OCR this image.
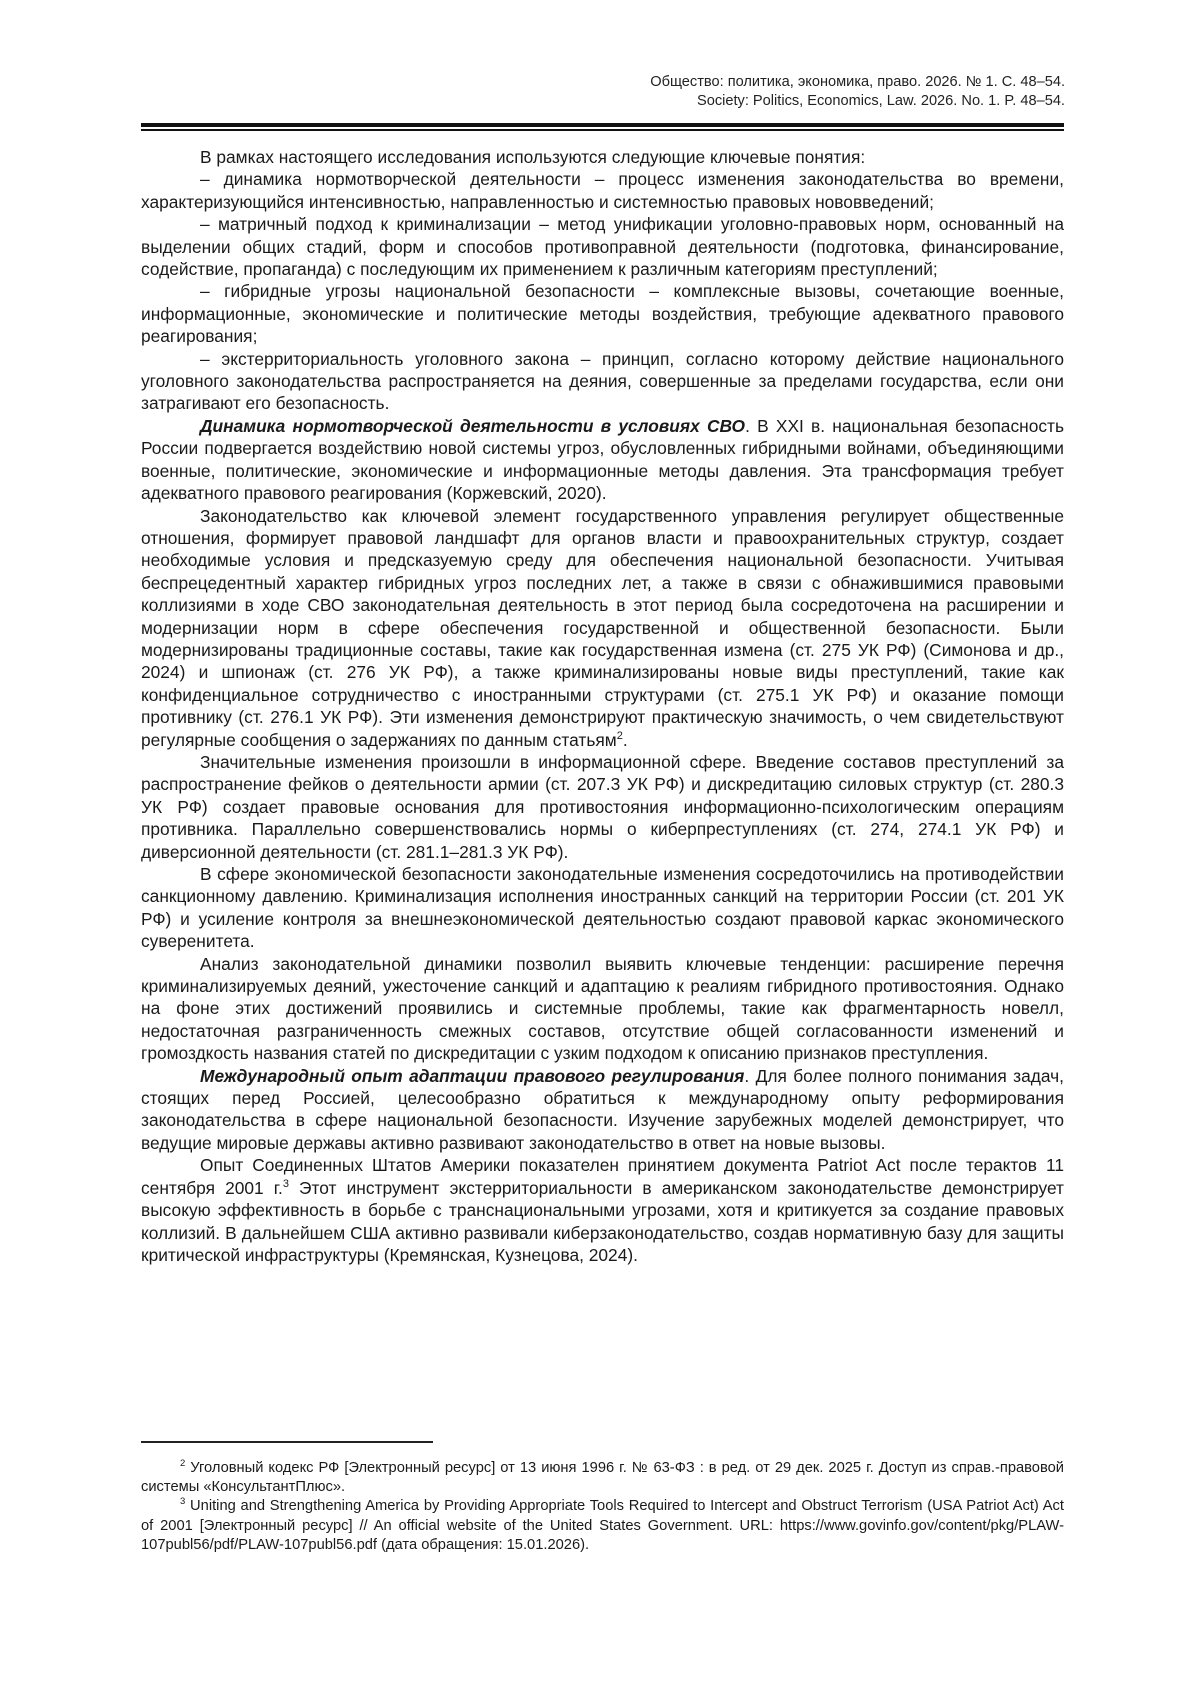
Общество: политика, экономика, право. 2026. № 1. С. 48–54.
Society: Politics, Economics, Law. 2026. No. 1. P. 48–54.

В рамках настоящего исследования используются следующие ключевые понятия:

– динамика нормотворческой деятельности – процесс изменения законодательства во времени, характеризующийся интенсивностью, направленностью и системностью правовых нововведений;

– матричный подход к криминализации – метод унификации уголовно-правовых норм, основанный на выделении общих стадий, форм и способов противоправной деятельности (подготовка, финансирование, содействие, пропаганда) с последующим их применением к различным категориям преступлений;

– гибридные угрозы национальной безопасности – комплексные вызовы, сочетающие военные, информационные, экономические и политические методы воздействия, требующие адекватного правового реагирования;

– экстерриториальность уголовного закона – принцип, согласно которому действие национального уголовного законодательства распространяется на деяния, совершенные за пределами государства, если они затрагивают его безопасность.

Динамика нормотворческой деятельности в условиях СВО. В XXI в. национальная безопасность России подвергается воздействию новой системы угроз, обусловленных гибридными войнами, объединяющими военные, политические, экономические и информационные методы давления. Эта трансформация требует адекватного правового реагирования (Коржевский, 2020).

Законодательство как ключевой элемент государственного управления регулирует общественные отношения, формирует правовой ландшафт для органов власти и правоохранительных структур, создает необходимые условия и предсказуемую среду для обеспечения национальной безопасности. Учитывая беспрецедентный характер гибридных угроз последних лет, а также в связи с обнажившимися правовыми коллизиями в ходе СВО законодательная деятельность в этот период была сосредоточена на расширении и модернизации норм в сфере обеспечения государственной и общественной безопасности. Были модернизированы традиционные составы, такие как государственная измена (ст. 275 УК РФ) (Симонова и др., 2024) и шпионаж (ст. 276 УК РФ), а также криминализированы новые виды преступлений, такие как конфиденциальное сотрудничество с иностранными структурами (ст. 275.1 УК РФ) и оказание помощи противнику (ст. 276.1 УК РФ). Эти изменения демонстрируют практическую значимость, о чем свидетельствуют регулярные сообщения о задержаниях по данным статьям$^2$.

Значительные изменения произошли в информационной сфере. Введение составов преступлений за распространение фейков о деятельности армии (ст. 207.3 УК РФ) и дискредитацию силовых структур (ст. 280.3 УК РФ) создает правовые основания для противостояния информационно-психологическим операциям противника. Параллельно совершенствовались нормы о киберпреступлениях (ст. 274, 274.1 УК РФ) и диверсионной деятельности (ст. 281.1–281.3 УК РФ).

В сфере экономической безопасности законодательные изменения сосредоточились на противодействии санкционному давлению. Криминализация исполнения иностранных санкций на территории России (ст. 201 УК РФ) и усиление контроля за внешнеэкономической деятельностью создают правовой каркас экономического суверенитета.

Анализ законодательной динамики позволил выявить ключевые тенденции: расширение перечня криминализируемых деяний, ужесточение санкций и адаптацию к реалиям гибридного противостояния. Однако на фоне этих достижений проявились и системные проблемы, такие как фрагментарность новелл, недостаточная разграниченность смежных составов, отсутствие общей согласованности изменений и громоздкость названия статей по дискредитации с узким подходом к описанию признаков преступления.

Международный опыт адаптации правового регулирования. Для более полного понимания задач, стоящих перед Россией, целесообразно обратиться к международному опыту реформирования законодательства в сфере национальной безопасности. Изучение зарубежных моделей демонстрирует, что ведущие мировые державы активно развивают законодательство в ответ на новые вызовы.

Опыт Соединенных Штатов Америки показателен принятием документа Patriot Act после терактов 11 сентября 2001 г.$^3$ Этот инструмент экстерриториальности в американском законодательстве демонстрирует высокую эффективность в борьбе с транснациональными угрозами, хотя и критикуется за создание правовых коллизий. В дальнейшем США активно развивали киберзаконодательство, создав нормативную базу для защиты критической инфраструктуры (Кремянская, Кузнецова, 2024).

$^2$ Уголовный кодекс РФ [Электронный ресурс] от 13 июня 1996 г. № 63-ФЗ : в ред. от 29 дек. 2025 г. Доступ из справ.-правовой системы «КонсультантПлюс».

$^3$ Uniting and Strengthening America by Providing Appropriate Tools Required to Intercept and Obstruct Terrorism (USA Patriot Act) Act of 2001 [Электронный ресурс] // An official website of the United States Government. URL: https://www.govinfo.gov/content/pkg/PLAW-107publ56/pdf/PLAW-107publ56.pdf (дата обращения: 15.01.2026).
